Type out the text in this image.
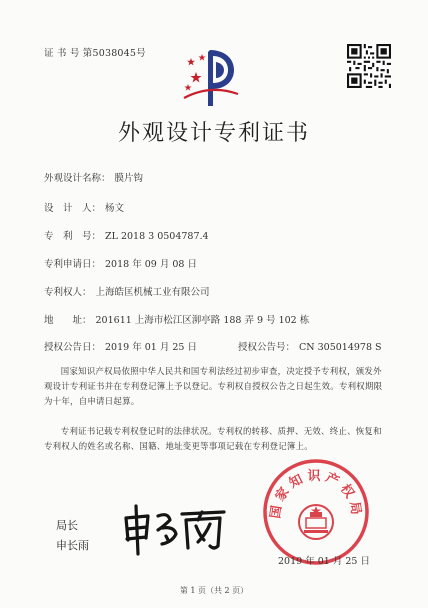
证 书 号 第5038045号
外观设计专利证书
外观设计名称： 膜片钩
设　计　人： 杨文
专　利　号： ZL 2018 3 0504787.4
专利申请日： 2018 年 09 月 08 日
专利权人： 上海皓匡机械工业有限公司
地　　址： 201611 上海市松江区泖亭路 188 弄 9 号 102 栋
授权公告日： 2019 年 01 月 25 日	授权公告号： CN 305014978 S
国家知识产权局依照中华人民共和国专利法经过初步审查，决定授予专利权，颁发外观设计专利证书并在专利登记簿上予以登记。专利权自授权公告之日起生效。专利权期限为十年，自申请日起算。
专利证书记载专利权登记时的法律状况。专利权的转移、质押、无效、终止、恢复和专利权人的姓名或名称、国籍、地址变更等事项记载在专利登记簿上。
局长
申长雨
国家知识产权局
2019 年 01 月 25 日
第 1 页（共 2 页）
